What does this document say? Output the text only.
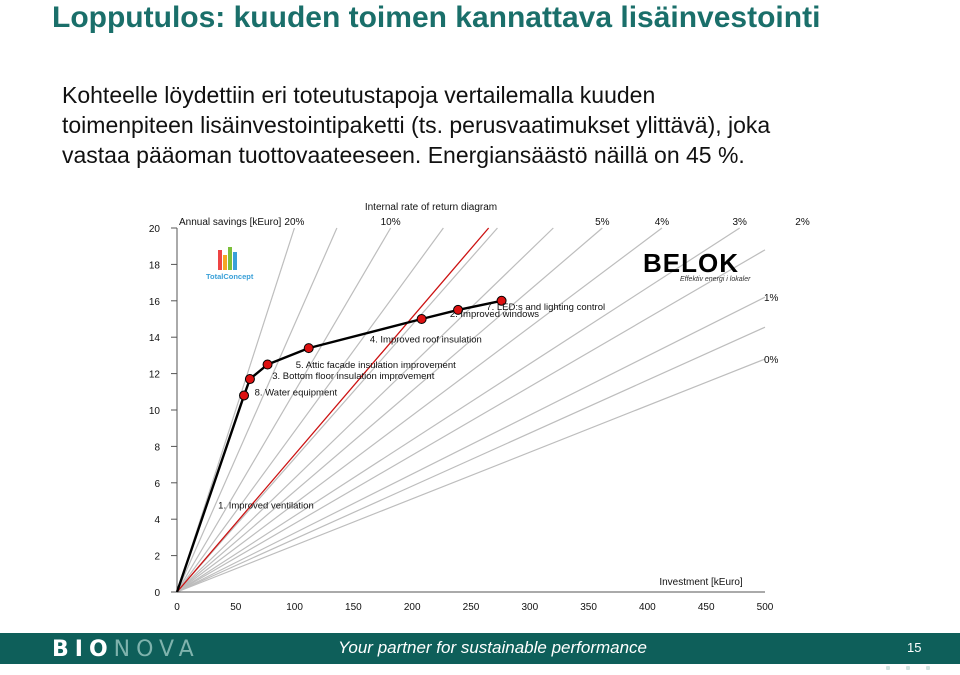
Lopputulos: kuuden toimen kannattava lisäinvestointi
Kohteelle löydettiin eri toteutustapoja vertailemalla kuuden
toimenpiteen lisäinvestointipaketti (ts. perusvaatimukset ylittävä), joka
vastaa pääoman tuottovaateeseen. Energiansäästö näillä on 45 %.
0
2
4
6
8
10
12
14
16
18
20
0	50	100	150	200	250	300	350	400	450	500
Internal rate of return diagram
Annual savings [kEuro]
Investment [kEuro]
20%	10%	5%	4%	3%	2%
1%
0%
1. Improved ventilation
8. Water equipment
3. Bottom floor insulation improvement
5. Attic facade insulation improvement
4. Improved roof insulation
2. Improved windows
7. LED:s and lighting control
TotalConcept	BELOK
Effektiv energi i lokaler
BIONOVA	Your partner for sustainable performance	15
